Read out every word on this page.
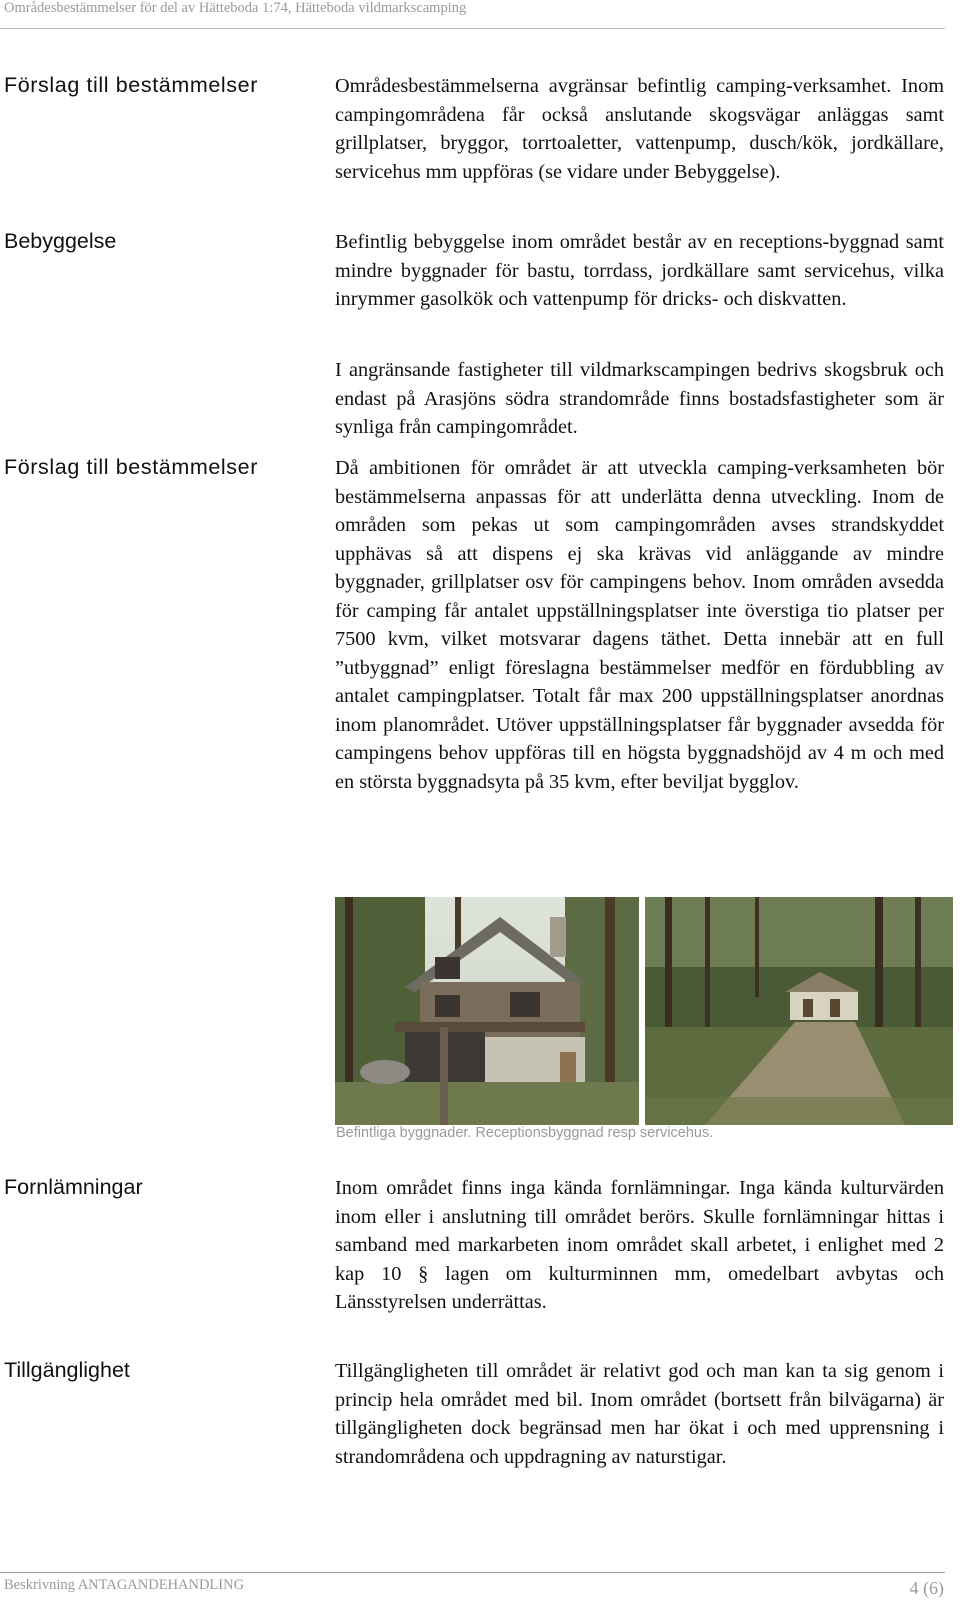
Områdesbestämmelser för del av Hätteboda 1:74, Hätteboda vildmarkscamping
Förslag till bestämmelser	Områdesbestämmelserna avgränsar befintlig camping-verksamhet. Inom campingområdena får också anslutande skogsvägar anläggas samt grillplatser, bryggor, torrtoaletter, vattenpump, dusch/kök, jordkällare, servicehus mm uppföras (se vidare under Bebyggelse).

Bebyggelse	Befintlig bebyggelse inom området består av en receptions-byggnad samt mindre byggnader för bastu, torrdass, jordkällare samt servicehus, vilka inrymmer gasolkök och vattenpump för dricks- och diskvatten.

I angränsande fastigheter till vildmarkscampingen bedrivs skogsbruk och endast på Arasjöns södra strandområde finns bostadsfastigheter som är synliga från campingområdet.

Förslag till bestämmelser	Då ambitionen för området är att utveckla camping-verksamheten bör bestämmelserna anpassas för att underlätta denna utveckling. Inom de områden som pekas ut som campingområden avses strandskyddet upphävas så att dispens ej ska krävas vid anläggande av mindre byggnader, grillplatser osv för campingens behov. Inom områden avsedda för camping får antalet uppställningsplatser inte överstiga tio platser per 7500 kvm, vilket motsvarar dagens täthet. Detta innebär att en full ”utbyggnad” enligt föreslagna bestämmelser medför en fördubbling av antalet campingplatser. Totalt får max 200 uppställningsplatser anordnas inom planområdet. Utöver uppställningsplatser får byggnader avsedda för campingens behov uppföras till en högsta byggnadshöjd av 4 m och med en största byggnadsyta på 35 kvm, efter beviljat bygglov.

Befintliga byggnader. Receptionsbyggnad resp servicehus.
Fornlämningar	Inom området finns inga kända fornlämningar. Inga kända kulturvärden inom eller i anslutning till området berörs. Skulle fornlämningar hittas i samband med markarbeten inom området skall arbetet, i enlighet med 2 kap 10 § lagen om kulturminnen mm, omedelbart avbytas och Länsstyrelsen underrättas.

Tillgänglighet	Tillgängligheten till området är relativt god och man kan ta sig genom i princip hela området med bil. Inom området (bortsett från bilvägarna) är tillgängligheten dock begränsad men har ökat i och med upprensning i strandområdena och uppdragning av naturstigar.

Beskrivning ANTAGANDEHANDLING	4 (6)
